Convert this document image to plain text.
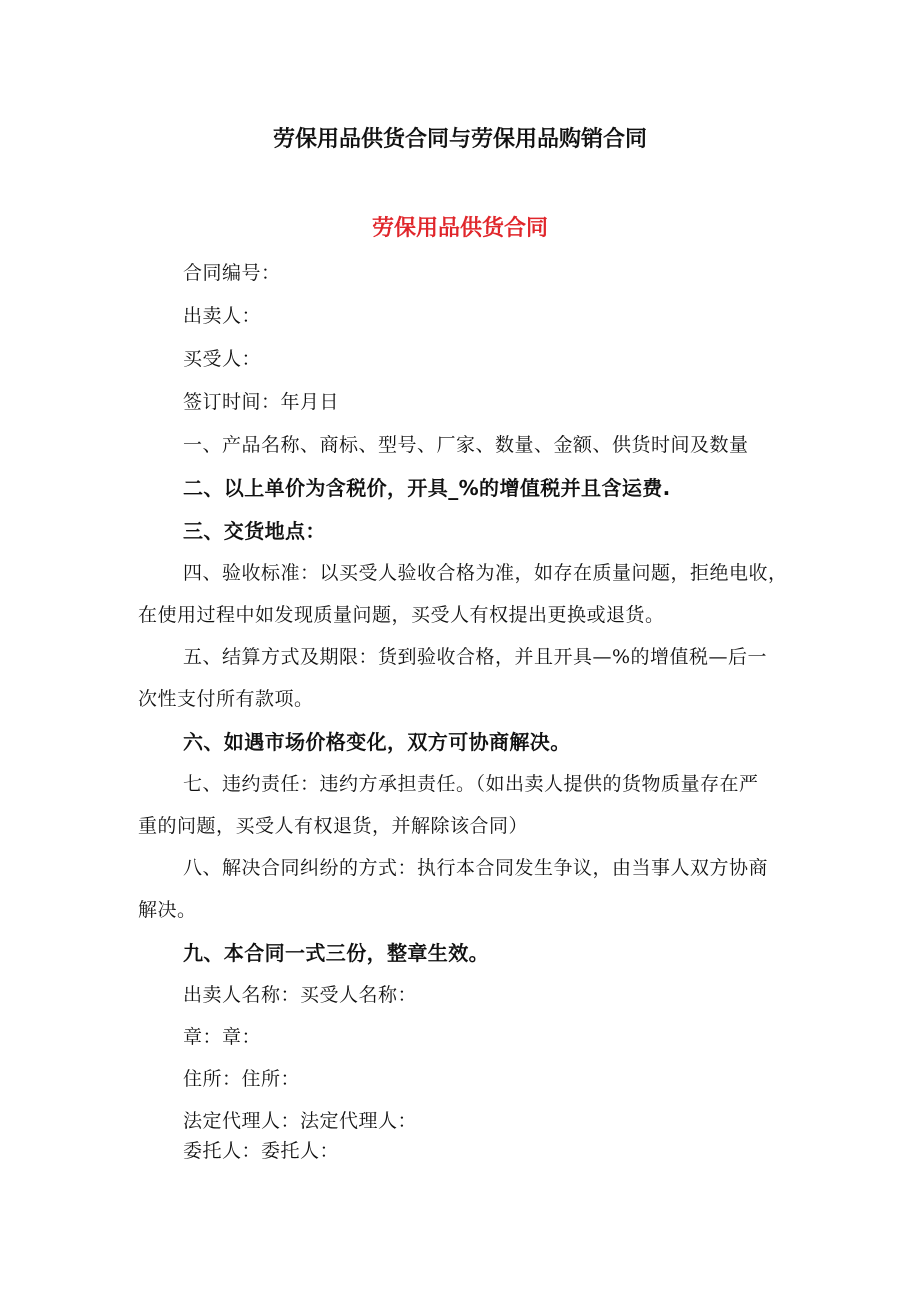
劳保用品供货合同与劳保用品购销合同
劳保用品供货合同
合同编号：
出卖人：
买受人：
签订时间：年月日
一、产品名称、商标、型号、厂家、数量、金额、供货时间及数量
二、以上单价为含税价，开具_%的增值税并且含运费.
三、交货地点：
四、验收标准：以买受人验收合格为准，如存在质量问题，拒绝电收，
在使用过程中如发现质量问题，买受人有权提出更换或退货。
五、结算方式及期限：货到验收合格，并且开具—%的增值税—后一
次性支付所有款项。
六、如遇市场价格变化，双方可协商解决。
七、违约责任：违约方承担责任。（如出卖人提供的货物质量存在严
重的问题，买受人有权退货，并解除该合同）
八、解决合同纠纷的方式：执行本合同发生争议，由当事人双方协商
解决。
九、本合同一式三份，整章生效。
出卖人名称：买受人名称：
章：章：
住所：住所：
法定代理人：法定代理人：
委托人：委托人：
